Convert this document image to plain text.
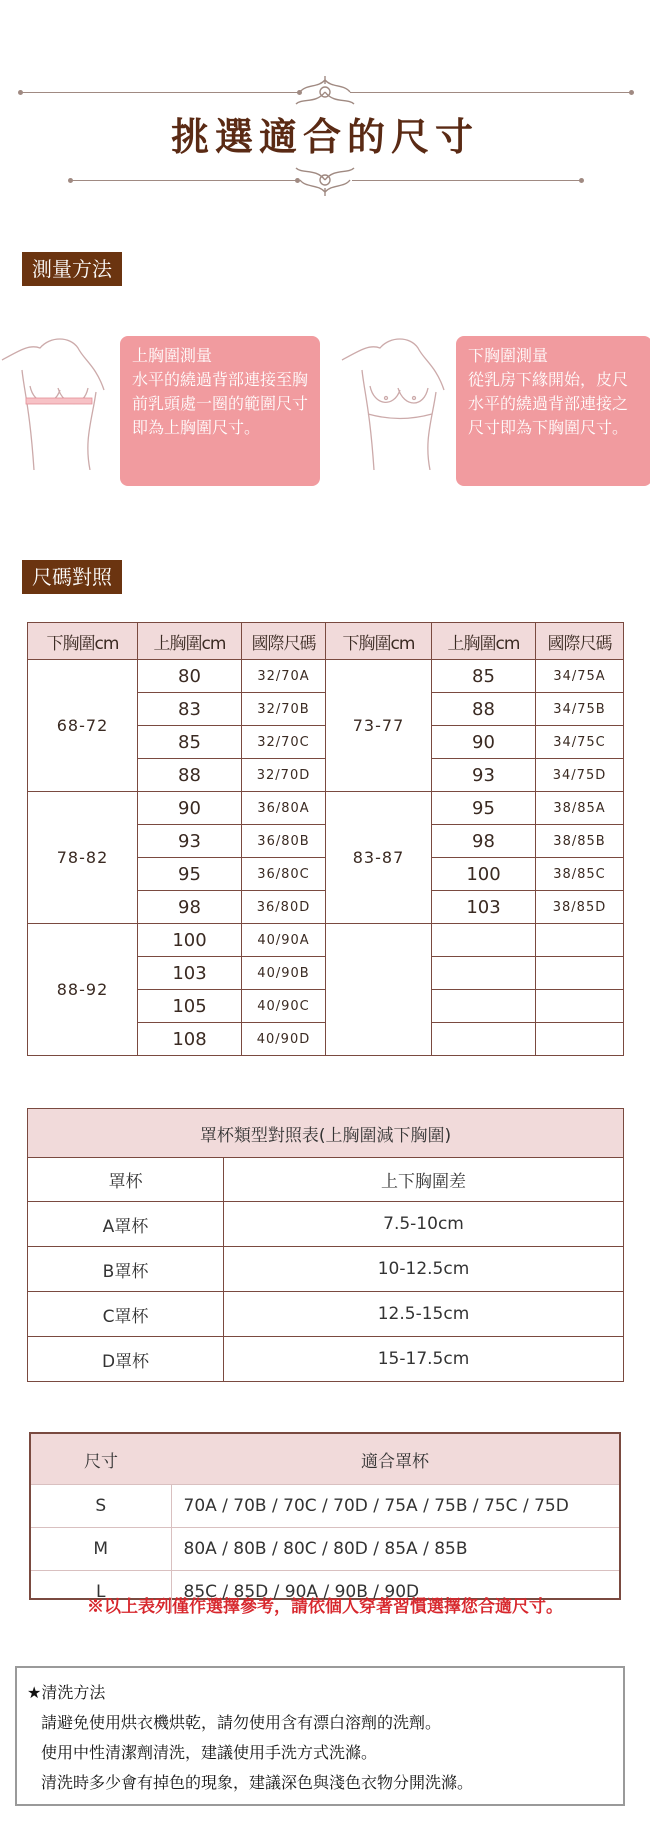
挑選適合的尺寸
測量方法
上胸圍測量
水平的繞過背部連接至胸前乳頭處一圈的範圍尺寸即為上胸圍尺寸。
下胸圍測量
從乳房下緣開始，皮尺水平的繞過背部連接之尺寸即為下胸圍尺寸。
尺碼對照
下胸圍cm	上胸圍cm	國際尺碼	下胸圍cm	上胸圍cm	國際尺碼
68-72	80	32/70A	73-77	85	34/75A
	83	32/70B		88	34/75B
	85	32/70C		90	34/75C
	88	32/70D		93	34/75D
78-82	90	36/80A	83-87	95	38/85A
	93	36/80B		98	38/85B
	95	36/80C		100	38/85C
	98	36/80D		103	38/85D
88-92	100	40/90A			
	103	40/90B			
	105	40/90C			
	108	40/90D			
罩杯類型對照表(上胸圍減下胸圍)	
罩杯	上下胸圍差
A罩杯	7.5-10cm
B罩杯	10-12.5cm
C罩杯	12.5-15cm
D罩杯	15-17.5cm
尺寸	適合罩杯
S	70A / 70B / 70C / 70D / 75A / 75B / 75C / 75D
M	80A / 80B / 80C / 80D / 85A / 85B
L	85C / 85D / 90A / 90B / 90D
※以上表列僅作選擇參考，請依個人穿著習慣選擇您合適尺寸。
★清洗方法
請避免使用烘衣機烘乾，請勿使用含有漂白溶劑的洗劑。
使用中性清潔劑清洗，建議使用手洗方式洗滌。
清洗時多少會有掉色的現象，建議深色與淺色衣物分開洗滌。
